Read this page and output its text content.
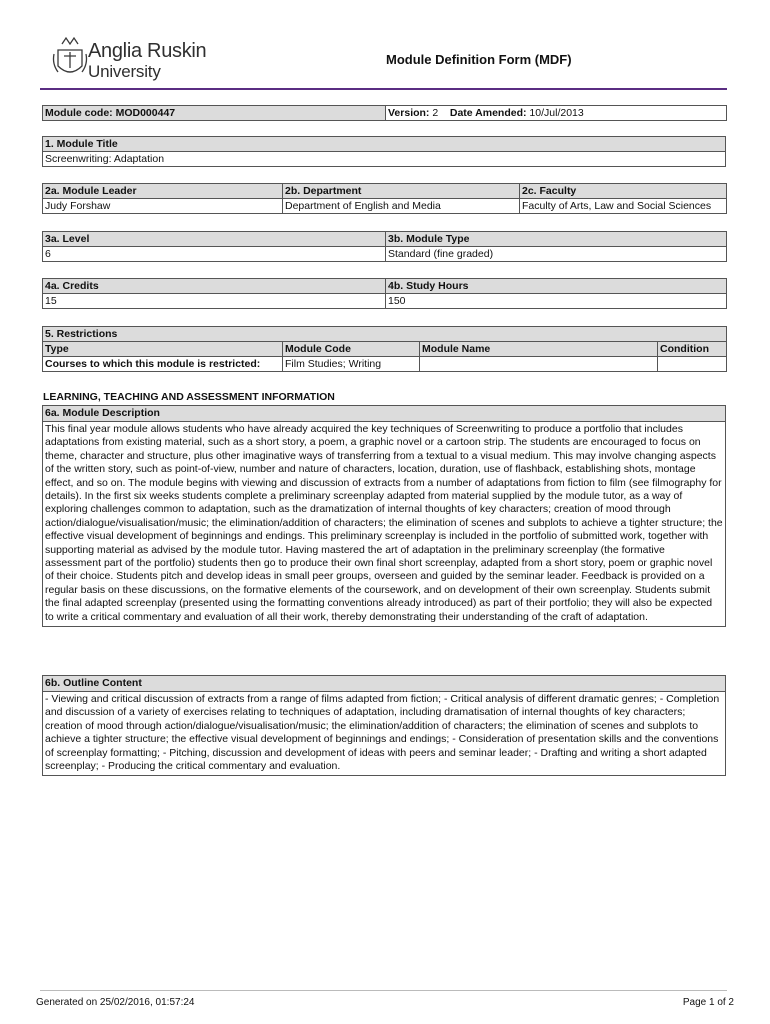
Anglia Ruskin
University
Module Definition Form (MDF)
Module code: MOD000447	Version: 2 Date Amended: 10/Jul/2013
1. Module Title
Screenwriting: Adaptation
2a. Module Leader	2b. Department	2c. Faculty
Judy Forshaw	Department of English and Media	Faculty of Arts, Law and Social Sciences
3a. Level	3b. Module Type
6	Standard (fine graded)
4a. Credits	4b. Study Hours
15	150
5. Restrictions			
Type	Module Code	Module Name	Condition
Courses to which this module is restricted:	Film Studies; Writing		
LEARNING, TEACHING AND ASSESSMENT INFORMATION
6a. Module Description
This final year module allows students who have already acquired the key techniques of Screenwriting to produce a portfolio that includes adaptations from existing material, such as a short story, a poem, a graphic novel or a cartoon strip. The students are encouraged to focus on theme, character and structure, plus other imaginative ways of transferring from a textual to a visual medium. This may involve changing aspects of the written story, such as point-of-view, number and nature of characters, location, duration, use of flashback, establishing shots, montage effect, and so on. The module begins with viewing and discussion of extracts from a number of adaptations from fiction to film (see filmography for details). In the first six weeks students complete a preliminary screenplay adapted from material supplied by the module tutor, as a way of exploring challenges common to adaptation, such as the dramatization of internal thoughts of key characters; creation of mood through action/dialogue/visualisation/music; the elimination/addition of characters; the elimination of scenes and subplots to achieve a tighter structure; the effective visual development of beginnings and endings. This preliminary screenplay is included in the portfolio of submitted work, together with supporting material as advised by the module tutor. Having mastered the art of adaptation in the preliminary screenplay (the formative assessment part of the portfolio) students then go to produce their own final short screenplay, adapted from a short story, poem or graphic novel of their choice. Students pitch and develop ideas in small peer groups, overseen and guided by the seminar leader. Feedback is provided on a regular basis on these discussions, on the formative elements of the coursework, and on development of their own screenplay. Students submit the final adapted screenplay (presented using the formatting conventions already introduced) as part of their portfolio; they will also be expected to write a critical commentary and evaluation of all their work, thereby demonstrating their understanding of the craft of adaptation.
6b. Outline Content
- Viewing and critical discussion of extracts from a range of films adapted from fiction; - Critical analysis of different dramatic genres; - Completion and discussion of a variety of exercises relating to techniques of adaptation, including dramatisation of internal thoughts of key characters; creation of mood through action/dialogue/visualisation/music; the elimination/addition of characters; the elimination of scenes and subplots to achieve a tighter structure; the effective visual development of beginnings and endings; - Consideration of presentation skills and the conventions of screenplay formatting; - Pitching, discussion and development of ideas with peers and seminar leader; - Drafting and writing a short adapted screenplay; - Producing the critical commentary and evaluation.
Generated on 25/02/2016, 01:57:24	Page 1 of 2
